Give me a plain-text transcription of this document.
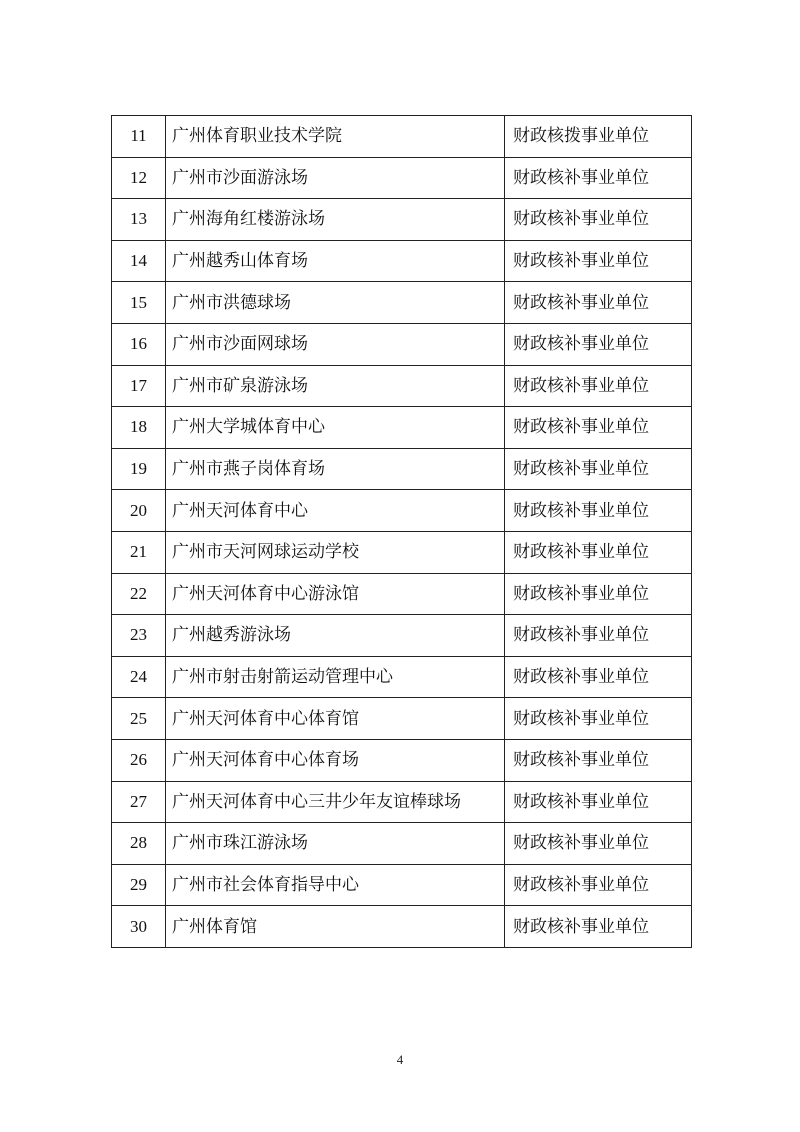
11	广州体育职业技术学院	财政核拨事业单位
12	广州市沙面游泳场	财政核补事业单位
13	广州海角红楼游泳场	财政核补事业单位
14	广州越秀山体育场	财政核补事业单位
15	广州市洪德球场	财政核补事业单位
16	广州市沙面网球场	财政核补事业单位
17	广州市矿泉游泳场	财政核补事业单位
18	广州大学城体育中心	财政核补事业单位
19	广州市燕子岗体育场	财政核补事业单位
20	广州天河体育中心	财政核补事业单位
21	广州市天河网球运动学校	财政核补事业单位
22	广州天河体育中心游泳馆	财政核补事业单位
23	广州越秀游泳场	财政核补事业单位
24	广州市射击射箭运动管理中心	财政核补事业单位
25	广州天河体育中心体育馆	财政核补事业单位
26	广州天河体育中心体育场	财政核补事业单位
27	广州天河体育中心三井少年友谊棒球场	财政核补事业单位
28	广州市珠江游泳场	财政核补事业单位
29	广州市社会体育指导中心	财政核补事业单位
30	广州体育馆	财政核补事业单位
4
